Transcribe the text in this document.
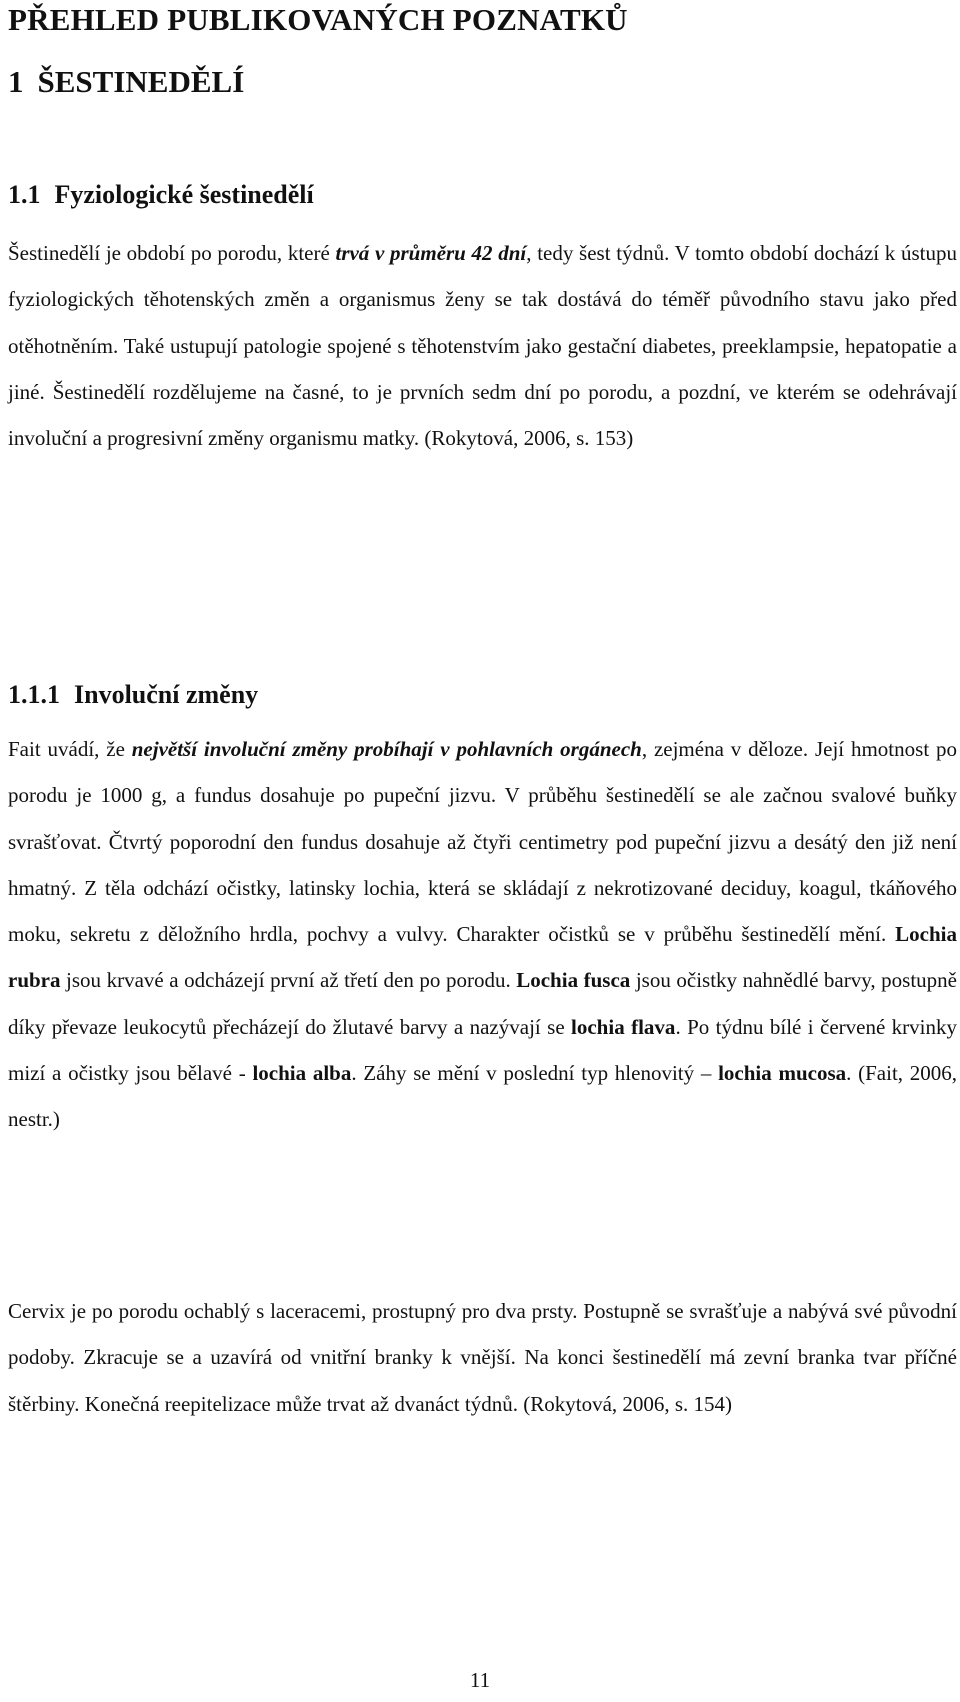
PŘEHLED PUBLIKOVANÝCH POZNATKŮ
1 ŠESTINEDĚLÍ
1.1 Fyziologické šestinedělí

Šestinedělí je období po porodu, které trvá v průměru 42 dní, tedy šest týdnů. V tomto období dochází k ústupu fyziologických těhotenských změn a organismus ženy se tak dostává do téměř původního stavu jako před otěhotněním. Také ustupují patologie spojené s těhotenstvím jako gestační diabetes, preeklampsie, hepatopatie a jiné. Šestinedělí rozdělujeme na časné, to je prvních sedm dní po porodu, a pozdní, ve kterém se odehrávají involuční a progresivní změny organismu matky. (Rokytová, 2006, s. 153)

1.1.1 Involuční změny

Fait uvádí, že největší involuční změny probíhají v pohlavních orgánech, zejména v děloze. Její hmotnost po porodu je 1000 g, a fundus dosahuje po pupeční jizvu. V průběhu šestinedělí se ale začnou svalové buňky svrašťovat. Čtvrtý poporodní den fundus dosahuje až čtyři centimetry pod pupeční jizvu a desátý den již není hmatný. Z těla odchází očistky, latinsky lochia, která se skládají z nekrotizované deciduy, koagul, tkáňového moku, sekretu z děložního hrdla, pochvy a vulvy. Charakter očistků se v průběhu šestinedělí mění. Lochia rubra jsou krvavé a odcházejí první až třetí den po porodu. Lochia fusca jsou očistky nahnědlé barvy, postupně díky převaze leukocytů přecházejí do žlutavé barvy a nazývají se lochia flava. Po týdnu bílé i červené krvinky mizí a očistky jsou bělavé - lochia alba. Záhy se mění v poslední typ hlenovitý – lochia mucosa. (Fait, 2006, nestr.)

Cervix je po porodu ochablý s laceracemi, prostupný pro dva prsty. Postupně se svrašťuje a nabývá své původní podoby. Zkracuje se a uzavírá od vnitřní branky k vnější. Na konci šestinedělí má zevní branka tvar příčné štěrbiny. Konečná reepitelizace může trvat až dvanáct týdnů. (Rokytová, 2006, s. 154)

11
